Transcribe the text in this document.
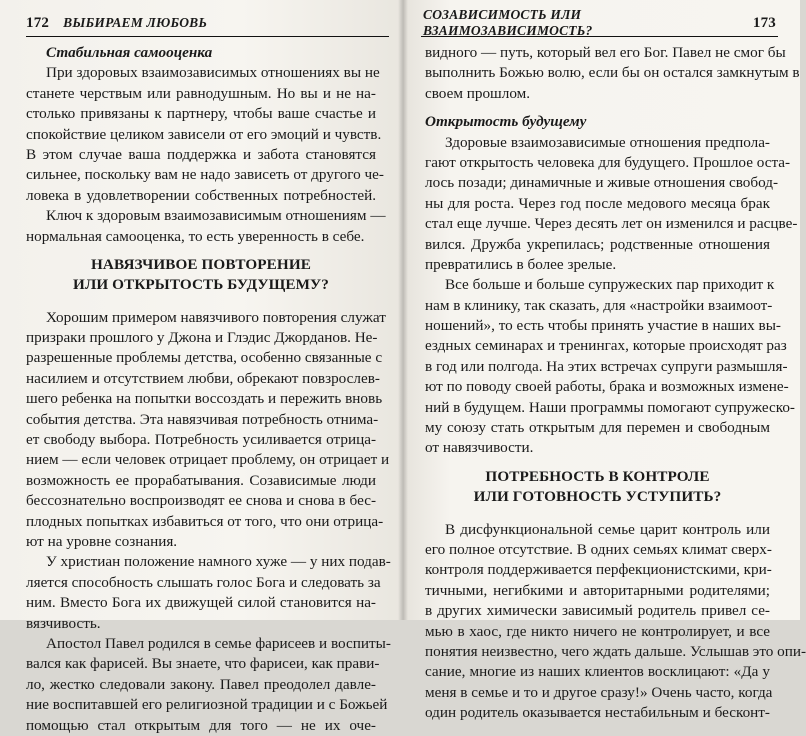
172 ВЫБИРАЕМ ЛЮБОВЬ
Стабильная самооценка
При здоровых взаимозависимых отношениях вы не
станете черствым или равнодушным. Но вы и не на-
столько привязаны к партнеру, чтобы ваше счастье и
спокойствие целиком зависели от его эмоций и чувств.
В этом случае ваша поддержка и забота становятся
сильнее, поскольку вам не надо зависеть от другого че-
ловека в удовлетворении собственных потребностей.
Ключ к здоровым взаимозависимым отношениям —
нормальная самооценка, то есть уверенность в себе.
НАВЯЗЧИВОЕ ПОВТОРЕНИЕ
ИЛИ ОТКРЫТОСТЬ БУДУЩЕМУ?
Хорошим примером навязчивого повторения служат
призраки прошлого у Джона и Глэдис Джорданов. Не-
разрешенные проблемы детства, особенно связанные с
насилием и отсутствием любви, обрекают повзрослев-
шего ребенка на попытки воссоздать и пережить вновь
события детства. Эта навязчивая потребность отнима-
ет свободу выбора. Потребность усиливается отрица-
нием — если человек отрицает проблему, он отрицает и
возможность ее прорабатывания. Созависимые люди
бессознательно воспроизводят ее снова и снова в бес-
плодных попытках избавиться от того, что они отрица-
ют на уровне сознания.
У христиан положение намного хуже — у них подав-
ляется способность слышать голос Бога и следовать за
ним. Вместо Бога их движущей силой становится на-
вязчивость.
Апостол Павел родился в семье фарисеев и воспиты-
вался как фарисей. Вы знаете, что фарисеи, как прави-
ло, жестко следовали закону. Павел преодолел давле-
ние воспитавшей его религиозной традиции и с Божьей
помощью стал открытым для того — не их оче-
СОЗАВИСИМОСТЬ ИЛИ ВЗАИМОЗАВИСИМОСТЬ?	173
видного — путь, который вел его Бог. Павел не смог бы
выполнить Божью волю, если бы он остался замкнутым в
своем прошлом.
Открытость будущему
Здоровые взаимозависимые отношения предпола-
гают открытость человека для будущего. Прошлое оста-
лось позади; динамичные и живые отношения свобод-
ны для роста. Через год после медового месяца брак
стал еще лучше. Через десять лет он изменился и расцве-
вился. Дружба укрепилась; родственные отношения
превратились в более зрелые.
Все больше и больше супружеских пар приходит к
нам в клинику, так сказать, для «настройки взаимоот-
ношений», то есть чтобы принять участие в наших вы-
ездных семинарах и тренингах, которые происходят раз
в год или полгода. На этих встречах супруги размышля-
ют по поводу своей работы, брака и возможных измене-
ний в будущем. Наши программы помогают супружеско-
му союзу стать открытым для перемен и свободным
от навязчивости.
ПОТРЕБНОСТЬ В КОНТРОЛЕ
ИЛИ ГОТОВНОСТЬ УСТУПИТЬ?
В дисфункциональной семье царит контроль или
его полное отсутствие. В одних семьях климат сверх-
контроля поддерживается перфекционистскими, кри-
тичными, негибкими и авторитарными родителями;
в других химически зависимый родитель привел се-
мью в хаос, где никто ничего не контролирует, и все
понятия неизвестно, чего ждать дальше. Услышав это опи-
сание, многие из наших клиентов восклицают: «Да у
меня в семье и то и другое сразу!» Очень часто, когда
один родитель оказывается нестабильным и бесконт-
